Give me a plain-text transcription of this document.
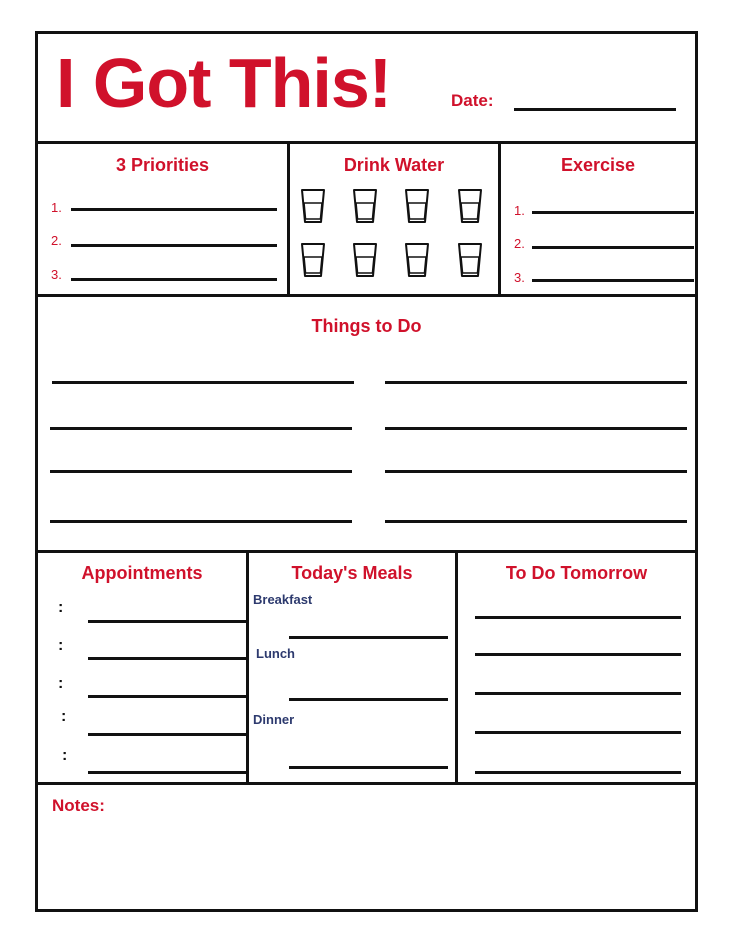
I Got This!	Date:
3 Priorities
1.
2.
3.
Drink Water	Exercise
1.
2.
3.
Things to Do
Appointments
:
:
:
:
:
Today's Meals
Breakfast
Lunch
Dinner
To Do Tomorrow
Notes:
